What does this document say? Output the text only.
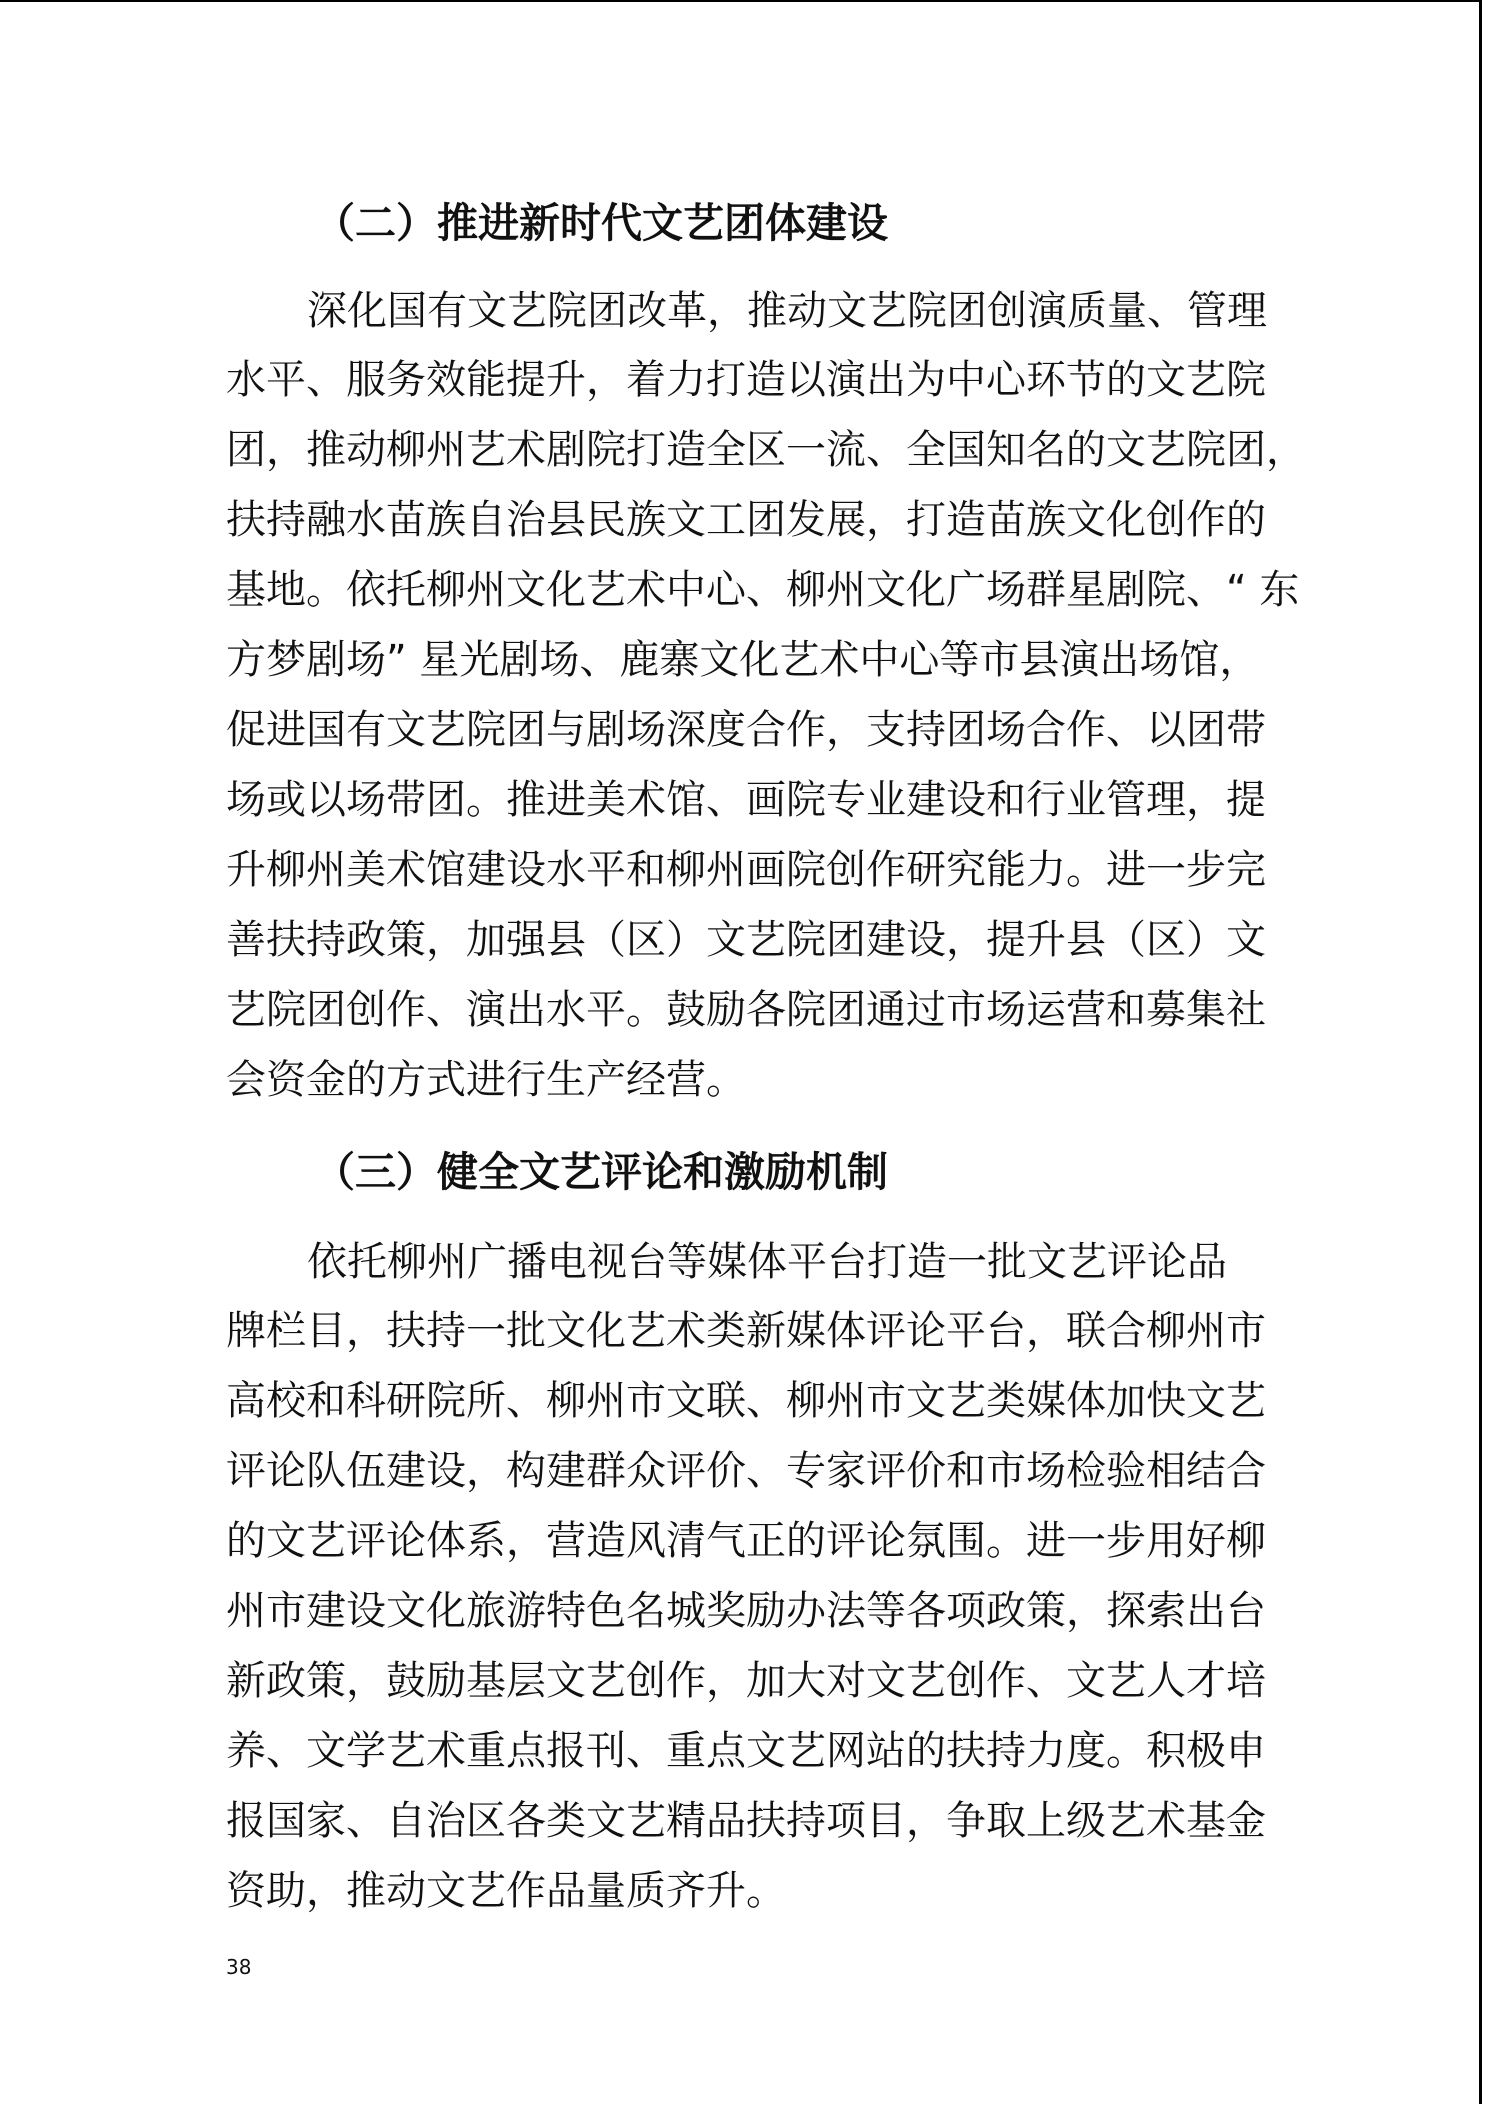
（二）推进新时代文艺团体建设

深化国有文艺院团改革，推动文艺院团创演质量、管理

水平、服务效能提升，着力打造以演出为中心环节的文艺院

团，推动柳州艺术剧院打造全区一流、全国知名的文艺院团，

扶持融水苗族自治县民族文工团发展，打造苗族文化创作的

基地。依托柳州文化艺术中心、柳州文化广场群星剧院、“ 东

方梦剧场” 星光剧场、鹿寨文化艺术中心等市县演出场馆，

促进国有文艺院团与剧场深度合作，支持团场合作、以团带

场或以场带团。推进美术馆、画院专业建设和行业管理，提

升柳州美术馆建设水平和柳州画院创作研究能力。进一步完

善扶持政策，加强县（区）文艺院团建设，提升县（区）文

艺院团创作、演出水平。鼓励各院团通过市场运营和募集社

会资金的方式进行生产经营。

（三）健全文艺评论和激励机制

依托柳州广播电视台等媒体平台打造一批文艺评论品

牌栏目，扶持一批文化艺术类新媒体评论平台，联合柳州市

高校和科研院所、柳州市文联、柳州市文艺类媒体加快文艺

评论队伍建设，构建群众评价、专家评价和市场检验相结合

的文艺评论体系，营造风清气正的评论氛围。进一步用好柳

州市建设文化旅游特色名城奖励办法等各项政策，探索出台

新政策，鼓励基层文艺创作，加大对文艺创作、文艺人才培

养、文学艺术重点报刊、重点文艺网站的扶持力度。积极申

报国家、自治区各类文艺精品扶持项目，争取上级艺术基金

资助，推动文艺作品量质齐升。

38
